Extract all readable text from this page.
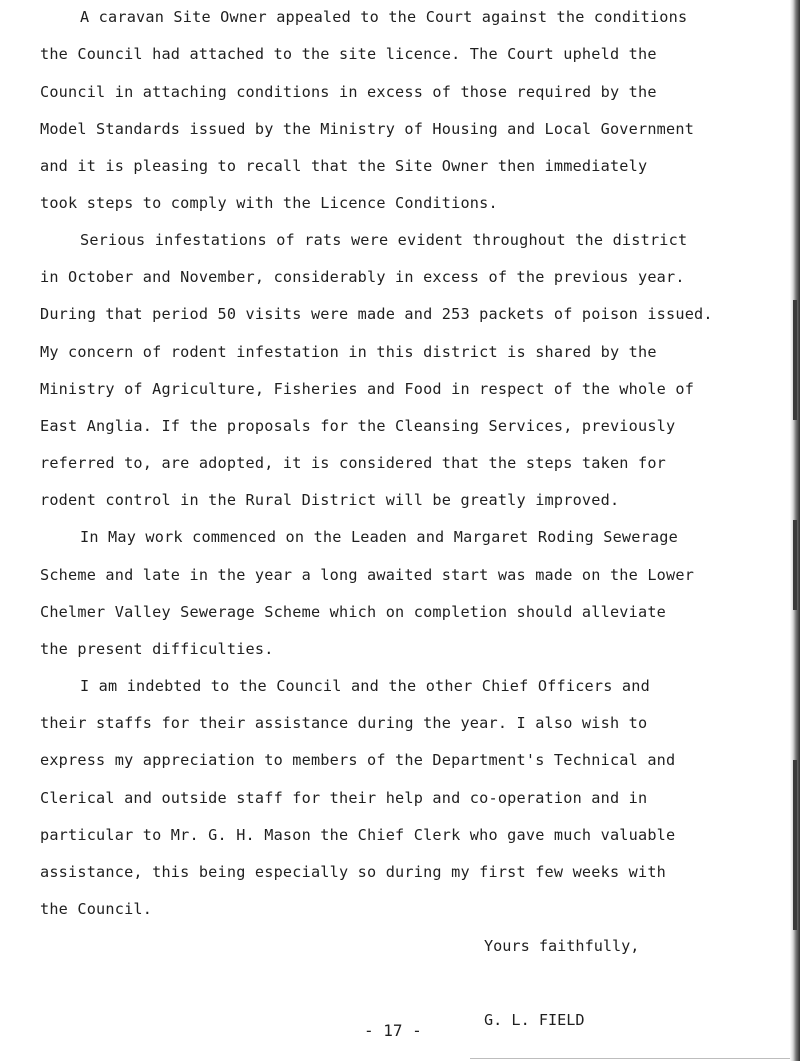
A caravan Site Owner appealed to the Court against the conditions
the Council had attached to the site licence. The Court upheld the
Council in attaching conditions in excess of those required by the
Model Standards issued by the Ministry of Housing and Local Government
and it is pleasing to recall that the Site Owner then immediately
took steps to comply with the Licence Conditions.
Serious infestations of rats were evident throughout the district
in October and November, considerably in excess of the previous year.
During that period 50 visits were made and 253 packets of poison issued.
My concern of rodent infestation in this district is shared by the
Ministry of Agriculture, Fisheries and Food in respect of the whole of
East Anglia. If the proposals for the Cleansing Services, previously
referred to, are adopted, it is considered that the steps taken for
rodent control in the Rural District will be greatly improved.
In May work commenced on the Leaden and Margaret Roding Sewerage
Scheme and late in the year a long awaited start was made on the Lower
Chelmer Valley Sewerage Scheme which on completion should alleviate
the present difficulties.
I am indebted to the Council and the other Chief Officers and
their staffs for their assistance during the year. I also wish to
express my appreciation to members of the Department's Technical and
Clerical and outside staff for their help and co-operation and in
particular to Mr. G. H. Mason the Chief Clerk who gave much valuable
assistance, this being especially so during my first few weeks with
the Council.
Yours faithfully,
G. L. FIELD
- 17 -
